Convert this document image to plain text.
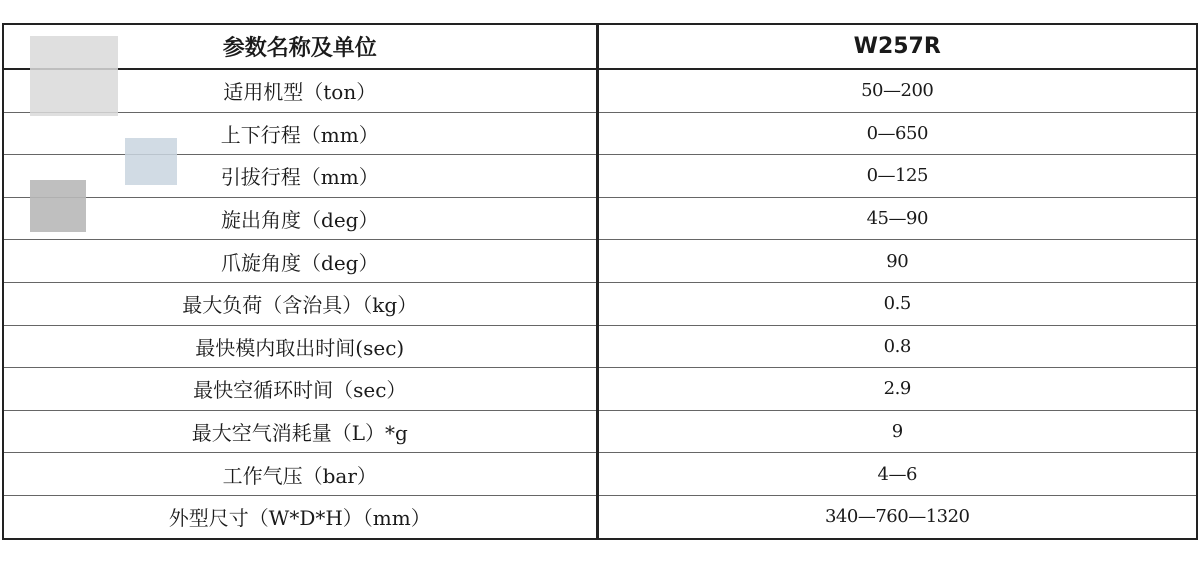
参数名称及单位	W257R
适用机型（ton）	50—200
上下行程（mm）	0—650
引拔行程（mm）	0—125
旋出角度（deg）	45—90
爪旋角度（deg）	90
最大负荷（含治具）（kg）	0.5
最快模内取出时间(sec)	0.8
最快空循环时间（sec）	2.9
最大空气消耗量（L）*g	9
工作气压（bar）	4—6
外型尺寸（W*D*H）（mm）	340—760—1320
